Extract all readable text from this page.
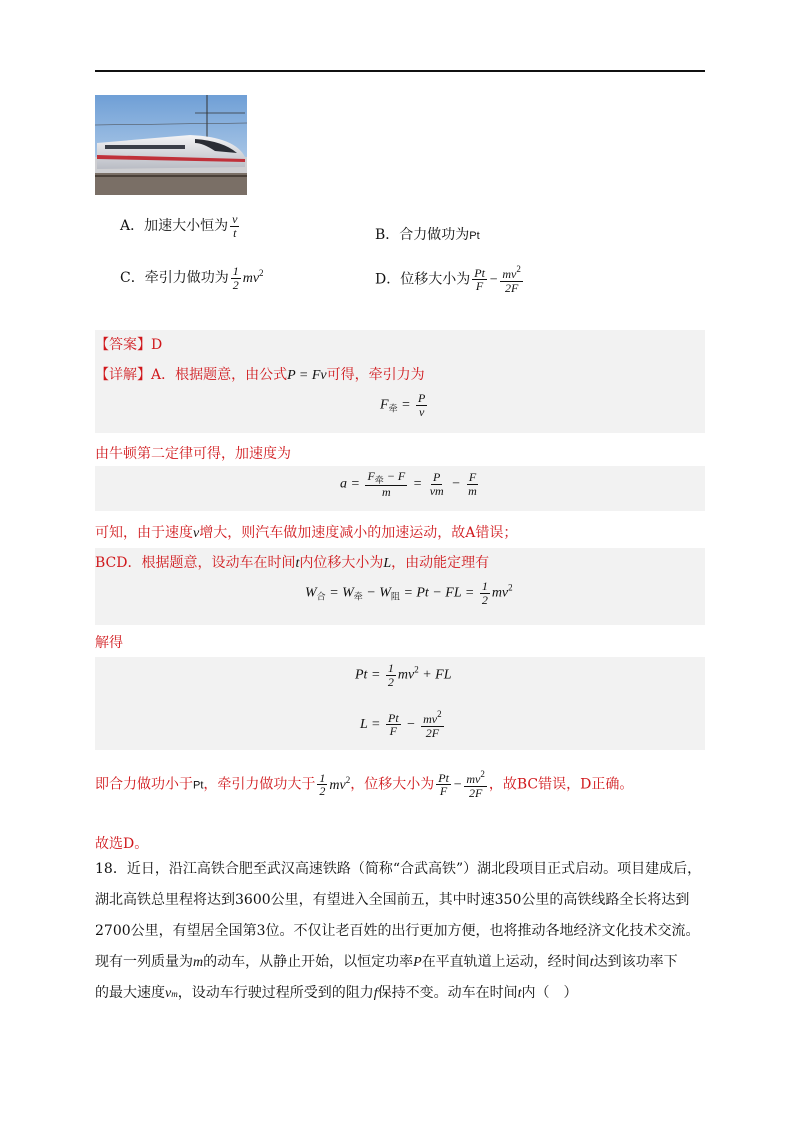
A．加速大小恒为 $\frac{v}{t}$	B．合力做功为Pt
C．牵引力做功为 $\frac{1}{2} mv^2$	D．位移大小为 $\frac{Pt}{F} - \frac{mv^2}{2F}$
【答案】D
【详解】A．根据题意，由公式P = Fv可得，牵引力为
$F_牵 = \frac{P}{v}$
由牛顿第二定律可得，加速度为
$a = \frac{F_牵 - F}{m} = \frac{P}{vm} - \frac{F}{m}$
可知，由于速度v增大，则汽车做加速度减小的加速运动，故A错误；
BCD．根据题意，设动车在时间t内位移大小为L，由动能定理有
$W_合 = W_牵 - W_阻 = Pt$ − FL = $\frac{1}{2} mv^2$
解得
$Pt = \frac{1}{2} mv^2$ + FL
$L = \frac{Pt}{F} - \frac{mv^2}{2F}$
即合力做功小于Pt，牵引力做功大于 $\frac{1}{2} mv^2$，位移大小为 $\frac{Pt}{F} - \frac{mv^2}{2F}$ ，故BC错误，D正确。
故选D。
18．近日，沿江高铁合肥至武汉高速铁路（简称“合武高铁”）湖北段项目正式启动。项目建成后，
湖北高铁总里程将达到3600公里，有望进入全国前五，其中时速350公里的高铁线路全长将达到
2700公里，有望居全国第3位。不仅让老百姓的出行更加方便，也将推动各地经济文化技术交流。
现有一列质量为m的动车，从静止开始，以恒定功率P在平直轨道上运动，经时间t达到该功率下
的最大速度vm，设动车行驶过程所受到的阻力f保持不变。动车在时间t内（　）
